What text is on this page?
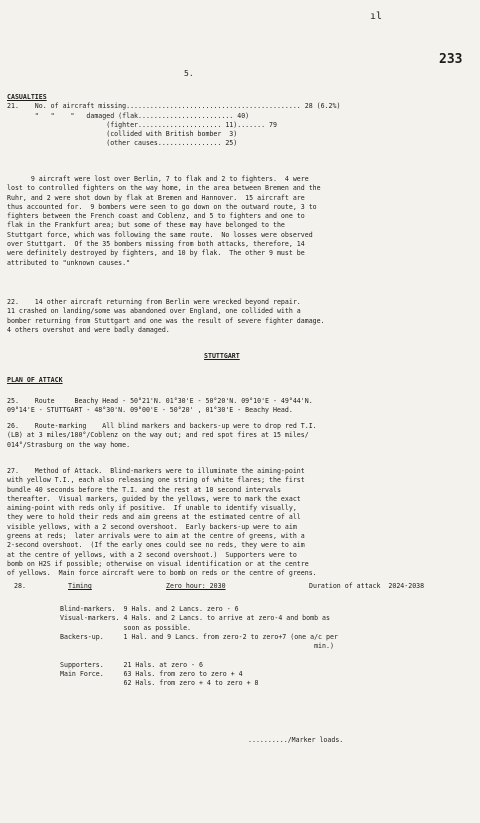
ıl
233
5.
CASUALTIES
21.    No. of aircraft missing............................................ 28 (6.2%)
"   "    "   damaged (flak........................ 40)
(fighter..................... 11)....... 79
(collided with British bomber  3)
(other causes................ 25)
9 aircraft were lost over Berlin, 7 to flak and 2 to fighters.  4 were
lost to controlled fighters on the way home, in the area between Bremen and the
Ruhr, and 2 were shot down by flak at Bremen and Hannover.  15 aircraft are
thus accounted for.  9 bombers were seen to go down on the outward route, 3 to
fighters between the French coast and Coblenz, and 5 to fighters and one to
flak in the Frankfurt area; but some of these may have belonged to the
Stuttgart force, which was following the same route.  No losses were observed
over Stuttgart.  Of the 35 bombers missing from both attacks, therefore, 14
were definitely destroyed by fighters, and 10 by flak.  The other 9 must be
attributed to "unknown causes."
22.    14 other aircraft returning from Berlin were wrecked beyond repair.
11 crashed on landing/some was abandoned over England, one collided with a
bomber returning from Stuttgart and one was the result of severe fighter damage.
4 others overshot and were badly damaged.
STUTTGART
PLAN OF ATTACK
25.    Route     Beachy Head - 50°21'N. 01°30'E - 50°20'N. 09°10'E - 49°44'N.
09°14'E - STUTTGART - 48°30'N. 09°00'E - 50°20' , 01°30'E - Beachy Head.
26.    Route-marking    All blind markers and backers-up were to drop red T.I.
(LB) at 3 miles/180°/Coblenz on the way out; and red spot fires at 15 miles/
014°/Strasburg on the way home.
27.    Method of Attack.  Blind-markers were to illuminate the aiming-point
with yellow T.I., each also releasing one string of white flares; the first
bundle 40 seconds before the T.I. and the rest at 10 second intervals
thereafter.  Visual markers, guided by the yellows, were to mark the exact
aiming-point with reds only if positive.  If unable to identify visually,
they were to hold their reds and aim greens at the estimated centre of all
visible yellows, with a 2 second overshoot.  Early backers-up were to aim
greens at reds;  later arrivals were to aim at the centre of greens, with a
2-second overshoot.  (If the early ones could see no reds, they were to aim
at the centre of yellows, with a 2 second overshoot.)  Supporters were to
bomb on H2S if possible; otherwise on visual identification or at the centre
of yellows.  Main force aircraft were to bomb on reds or the centre of greens.
28.	Timing	Zero hour: 2030	Duration of attack  2024-2038
Blind-markers.  9 Hals. and 2 Lancs. zero - 6
Visual-markers. 4 Hals. and 2 Lancs. to arrive at zero-4 and bomb as
soon as possible.
Backers-up.     1 Hal. and 9 Lancs. from zero-2 to zero+7 (one a/c per
min.)

Supporters.     21 Hals. at zero - 6
Main Force.     63 Hals. from zero to zero + 4
62 Hals. from zero + 4 to zero + 8
........../Marker loads.
